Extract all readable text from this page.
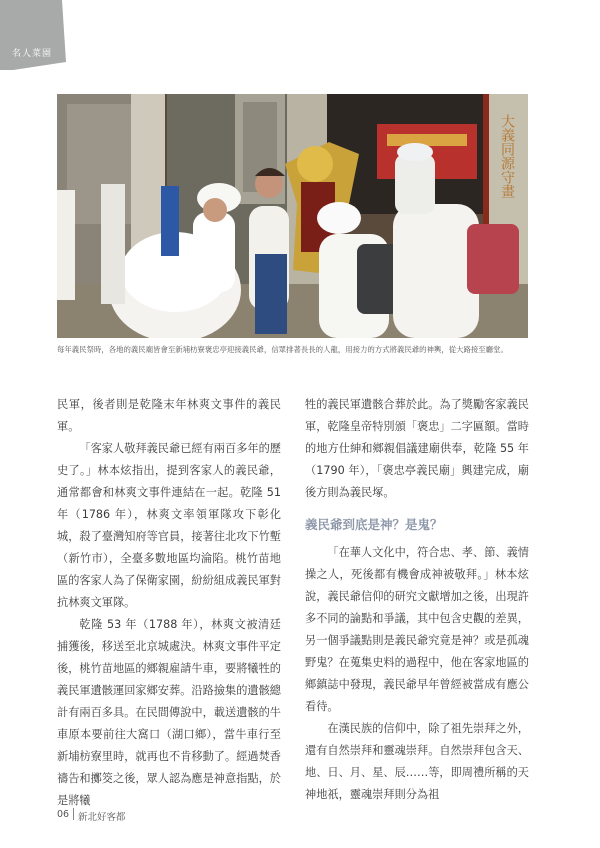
名人菜園
大義同源守畫

每年義民祭時，各地的義民廟皆會至新埔枋寮褒忠亭迎接義民爺，信眾排著長長的人龍，用接力的方式將義民爺的神輿，從大路接至廳堂。

民軍，後者則是乾隆末年林爽文事件的義民軍。

「客家人敬拜義民爺已經有兩百多年的歷史了。」林本炫指出，提到客家人的義民爺，通常都會和林爽文事件連結在一起。乾隆 51 年（1786 年），林爽文率領軍隊攻下彰化城，殺了臺灣知府等官員，接著往北攻下竹塹（新竹市），全臺多數地區均淪陷。桃竹苗地區的客家人為了保衛家園，紛紛組成義民軍對抗林爽文軍隊。

乾隆 53 年（1788 年），林爽文被清廷捕獲後，移送至北京城處決。林爽文事件平定後，桃竹苗地區的鄉親雇請牛車，要將犧牲的義民軍遺骸運回家鄉安葬。沿路撿集的遺骸總計有兩百多具。在民間傳說中，載送遺骸的牛車原本要前往大窩口（湖口鄉），當牛車行至新埔枋寮里時，就再也不肯移動了。經過焚香禱告和擲筊之後，眾人認為應是神意指點，於是將犧

牲的義民軍遺骸合葬於此。為了獎勵客家義民軍，乾隆皇帝特別頒「褒忠」二字匾額。當時的地方仕紳和鄉親倡議建廟供奉，乾隆 55 年（1790 年），「褒忠亭義民廟」興建完成，廟後方則為義民塚。

義民爺到底是神？是鬼？

「在華人文化中，符合忠、孝、節、義情操之人，死後都有機會成神被敬拜。」林本炫說，義民爺信仰的研究文獻增加之後，出現許多不同的論點和爭議，其中包含史觀的差異，另一個爭議點則是義民爺究竟是神？或是孤魂野鬼？在蒐集史料的過程中，他在客家地區的鄉鎮誌中發現，義民爺早年曾經被當成有應公看待。

在漢民族的信仰中，除了祖先崇拜之外，還有自然崇拜和靈魂崇拜。自然崇拜包含天、地、日、月、星、辰……等，即周禮所稱的天神地祇，靈魂崇拜則分為祖

06 新北好客都
